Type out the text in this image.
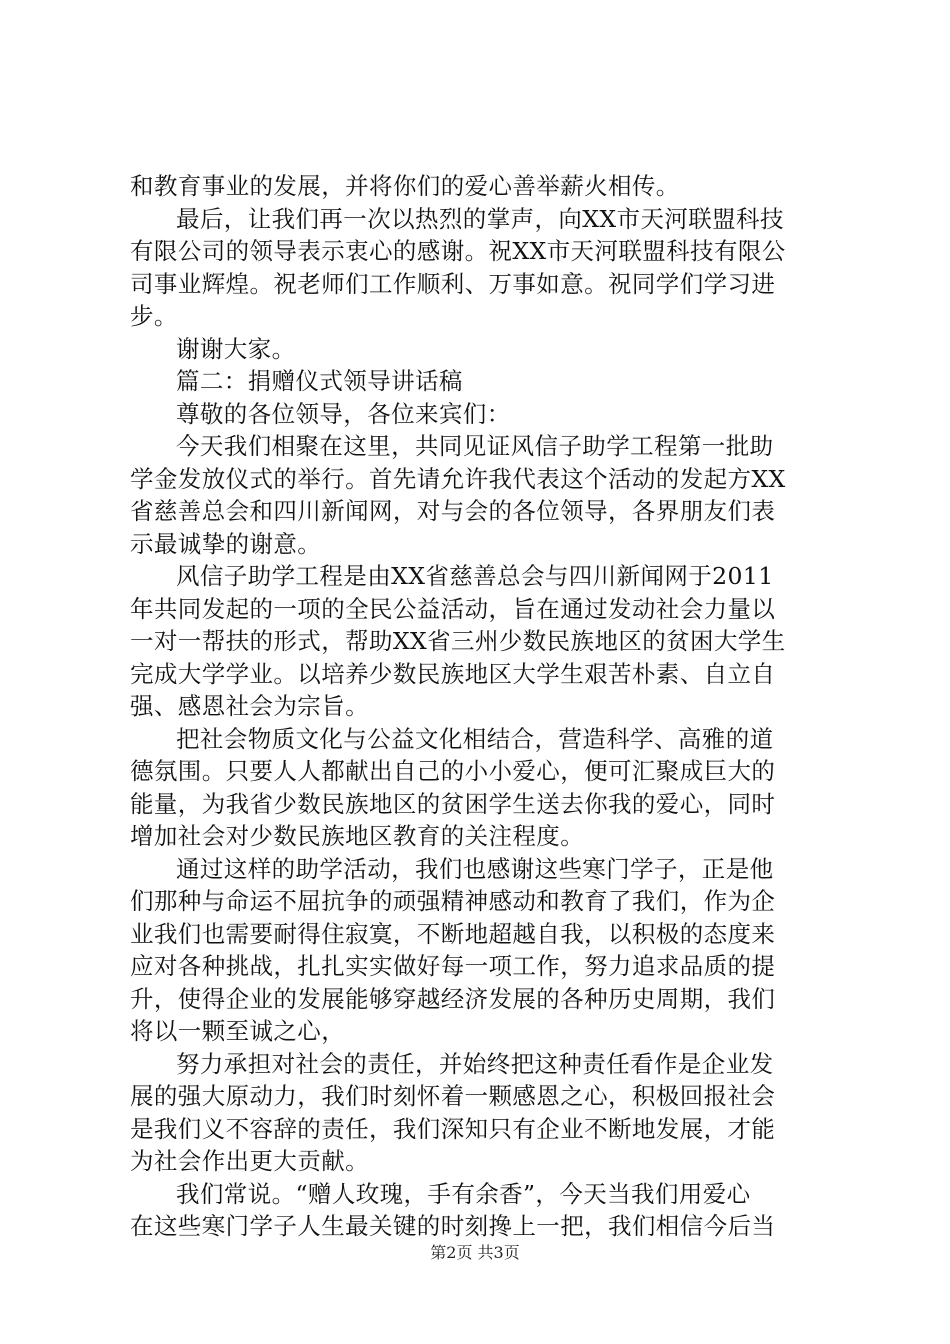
和教育事业的发展，并将你们的爱心善举薪火相传。
最后，让我们再一次以热烈的掌声，向XX市天河联盟科技
有限公司的领导表示衷心的感谢。祝XX市天河联盟科技有限公
司事业辉煌。祝老师们工作顺利、万事如意。祝同学们学习进
步。
谢谢大家。
篇二：捐赠仪式领导讲话稿
尊敬的各位领导，各位来宾们：
今天我们相聚在这里，共同见证风信子助学工程第一批助
学金发放仪式的举行。首先请允许我代表这个活动的发起方XX
省慈善总会和四川新闻网，对与会的各位领导，各界朋友们表
示最诚挚的谢意。
风信子助学工程是由XX省慈善总会与四川新闻网于2011
年共同发起的一项的全民公益活动，旨在通过发动社会力量以
一对一帮扶的形式，帮助XX省三州少数民族地区的贫困大学生
完成大学学业。以培养少数民族地区大学生艰苦朴素、自立自
强、感恩社会为宗旨。
把社会物质文化与公益文化相结合，营造科学、高雅的道
德氛围。只要人人都献出自己的小小爱心，便可汇聚成巨大的
能量，为我省少数民族地区的贫困学生送去你我的爱心，同时
增加社会对少数民族地区教育的关注程度。
通过这样的助学活动，我们也感谢这些寒门学子，正是他
们那种与命运不屈抗争的顽强精神感动和教育了我们，作为企
业我们也需要耐得住寂寞，不断地超越自我，以积极的态度来
应对各种挑战，扎扎实实做好每一项工作，努力追求品质的提
升，使得企业的发展能够穿越经济发展的各种历史周期，我们
将以一颗至诚之心，
努力承担对社会的责任，并始终把这种责任看作是企业发
展的强大原动力，我们时刻怀着一颗感恩之心，积极回报社会
是我们义不容辞的责任，我们深知只有企业不断地发展，才能
为社会作出更大贡献。
我们常说。“赠人玫瑰，手有余香”，今天当我们用爱心
在这些寒门学子人生最关键的时刻搀上一把，我们相信今后当
第2页 共3页
